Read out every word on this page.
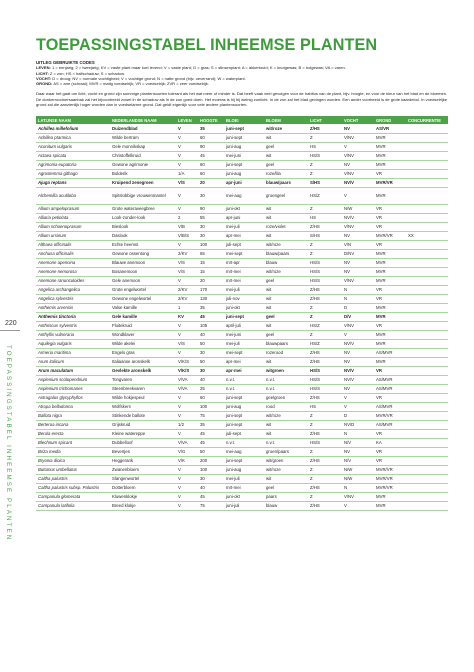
220
TOEPASSINGSTABEL INHEEMSE PLANTEN
TOEPASSINGSTABEL INHEEMSE PLANTEN
UITLEG GEBRUIKTE CODES
LEVEN: 1 = eenjarig; 2 = tweejarig; KV = vaste plant maar kort levend; V = vaste plant; G = gras; S = stinsenplant; A = akkerkruid; K = knolgewas; B = bolgewas; VA = varen.
LICHT: Z = zon; HS = halfschaduw; S = schaduw.
VOCHT: D = droog; NV = normale vochtigheid; V = vochtige grond; N = natte grond (bijv. oeverrand); W = waterplant.
GROND: AS = arm (schraal); MVR = matig voedselrijk; VR = voedselrijk; ZVR = zeer voedselrijk.

Daar waar het gaat om licht, vocht en grond zijn sommige plantensoorten tolerant als het wat meer of minder is. Dat heeft vaak veel gevolgen voor de habitus van de plant, bijv. hoogte, en voor de kleur van het blad en de bloemen. De donkerroodnersaanbak zal het bijvoorbeeld zowel in de schaduw als in de zon goed doen. Het moeras is hij bij weinig zonlicht. In de zon zal het blad gevingen worden. Een ander voorbeeld is de grote kaardebol. In voedselrijke grond zal die aanzienlijk hoger worden dan in voedselarme grond. Dat geldt eigenlijk voor vele andere plantensoorten.

LATIJNSE NAAM	NEDERLANDSE NAAM	LEVEN	HOOGTE	BLOEI	BLOEM	LICHT	VOCHT	GROND	CONCURRENTIE
Achillea millefolium	Duizendblad	V	35	juni-sept	wit/roze	Z/HS	NV	AS/VR	
Achillea ptarmica	Wilde bertram	V	60	juni-sept	wit	Z	V/NV	MVR	
Aconitum vulgaris	Gele monnikskap	V	90	juni-aug	geel	HS	V	MVR	
Actaea spicata	Christoffelkruid	V	45	mei-juni	wit	HS/S	V/NV	MVR	
Agrimonia eupatoria	Gewone agrimonie	V	60	juni-sept	geel	Z	NV	MVR	
Agrostemma githago	Bolderik	1/A	60	juni-aug	roze/lila	Z	V/NV	VR	
Ajuga reptans	Kruipend zenegroen	V/S	20	apr-juni	blauw/paars	S/HS	NV/V	MVR/VR	
Alchemilla acutiloba	Spitslobbige vrouwenmantel	V	30	mei-aug	groengeel	HS/Z	V	MVR	
Allium ampeloprasum	Grote wateraveegbree	V	90	juni-okt	wit	Z	N/W	VR	
Alliaria petiolata	Look-zonder-look	2	55	apr-juni	wit	HS	NV/V	VR	
Allium schoenoprasum	Bieslook	V/B	30	mei-juli	roze/violet	Z/HS	V/NV	VR	
Allium ursinum	Daslook	V/B/S	30	apr-mei	wit	S/HS	NV	MVR/VR	XX
Althaea officinalis	Echte heemst	V	100	juli-sept	wit/roze	Z	V/N	VR	
Anchusa officinalis	Gewone ossentong	2/KV	65	mei-sept	blauw/paars	Z	D/NV	MVR	
Anemone apennina	Blauwe anemoon	V/S	15	mrt-apr	blauw	HS/S	NV	MVR	
Anemone nemorosa	Bosanemoon	V/S	15	mrt-mei	wit/roze	HS/S	NV	MVR	
Anemone ranunculoides	Gele anemoon	V	20	mrt-mei	geel	HS/S	V/NV	MVR	
Angelica archangelica	Grote engelwortel	2/KV	170	mei-juli	wit	Z/HS	N	VR	
Angelica sylvestris	Gewone engelwortel	2/KV	130	juli-nov	wit	Z/HS	N	VR	
Anthemis arvensis	Valse kamille	1	35	juni-okt	wit	Z	D	MVR	
Anthemis tinctoria	Gele kamille	KV	45	juni-sept	geel	Z	D/V	MVR	
Anthriscus sylvestris	Fluitekruid	V	105	april-juli	wit	HS/Z	V/NV	VR	
Anthyllis vulneraria	Wondklaver	V	40	mei-juni	geel	Z	V	MVR	
Aquilegia vulgaris	Wilde akelei	V/S	50	mei-juli	blauwpaars	HS/Z	NV/V	MVR	
Armeria maritima	Engels gras	V	30	mei-sept	rozerood	Z/HS	NV	AS/MVR	
Arum italicum	Italiaanse aronskelk	V/K/S	50	apr-mei	wit	Z/HS	NV	MVR	
Arum maculatum	Gevlekte aronskelk	V/K/S	30	apr-mei	witgroen	HS/S	NV/V	VR	
Asplenium scolopendrium	Tongvaren	V/VA	40	n.v.t.	n.v.t.	HS/S	NV/V	AS/MVR	
Asplenium trichomanes	Steenbreekvaren	V/VA	25	n.v.t.	n.v.t.	HS/S	NV	AS/MVR	
Astragalus glycyphyllos	Wilde hokjespeul	V	60	juni-sept	geelgroen	Z/HS	V	VR	
Atropa belladonna	Wolfskers	V	100	juni-aug	rood	HS	V	AS/MVR	
Ballota nigra	Stinkende ballote	V	75	juni-sept	wit/roze	Z	D	MVR/VR	
Berteroa incana	Grijskruid	1/2	35	juni-sept	wit	Z	NV/D	AS/MVR	
Berula erecta	Kleine watereppe	V	45	juli-sept	wit	Z/HS	N	VR	
Blechnum spicant	Dubbelloof	V/VA	45	n.v.t.	n.v.t.	HS/S	N/V	KA	
Briza media	Bevertjes	V/G	50	mei-aug	groen/paars	Z	NV	VR	
Bryonia dioica	Heggerank	V/K	200	juni-sept	wit/groen	Z/HS	N/V	VR	
Butomus umbellatus	Zwanenbloem	V	100	juni-aug	wit/roze	Z	N/W	MVR/VR	
Caltha palustris	Slangenwortel	V	30	mei-juli	wit	Z	N/W	MVR/VR	
Caltha palustris subsp. Palustris	Dotterbloem	V	40	mrt-mei	geel	Z/HS	N	MVR/VR	
Campanula glomerata	Kluwenklokje	V	45	juni-okt	paars	Z	V/NV	MVR	
Campanula latifolia	Breed klokje	V	75	juni-juli	blauw	Z/HS	V	MVR	
